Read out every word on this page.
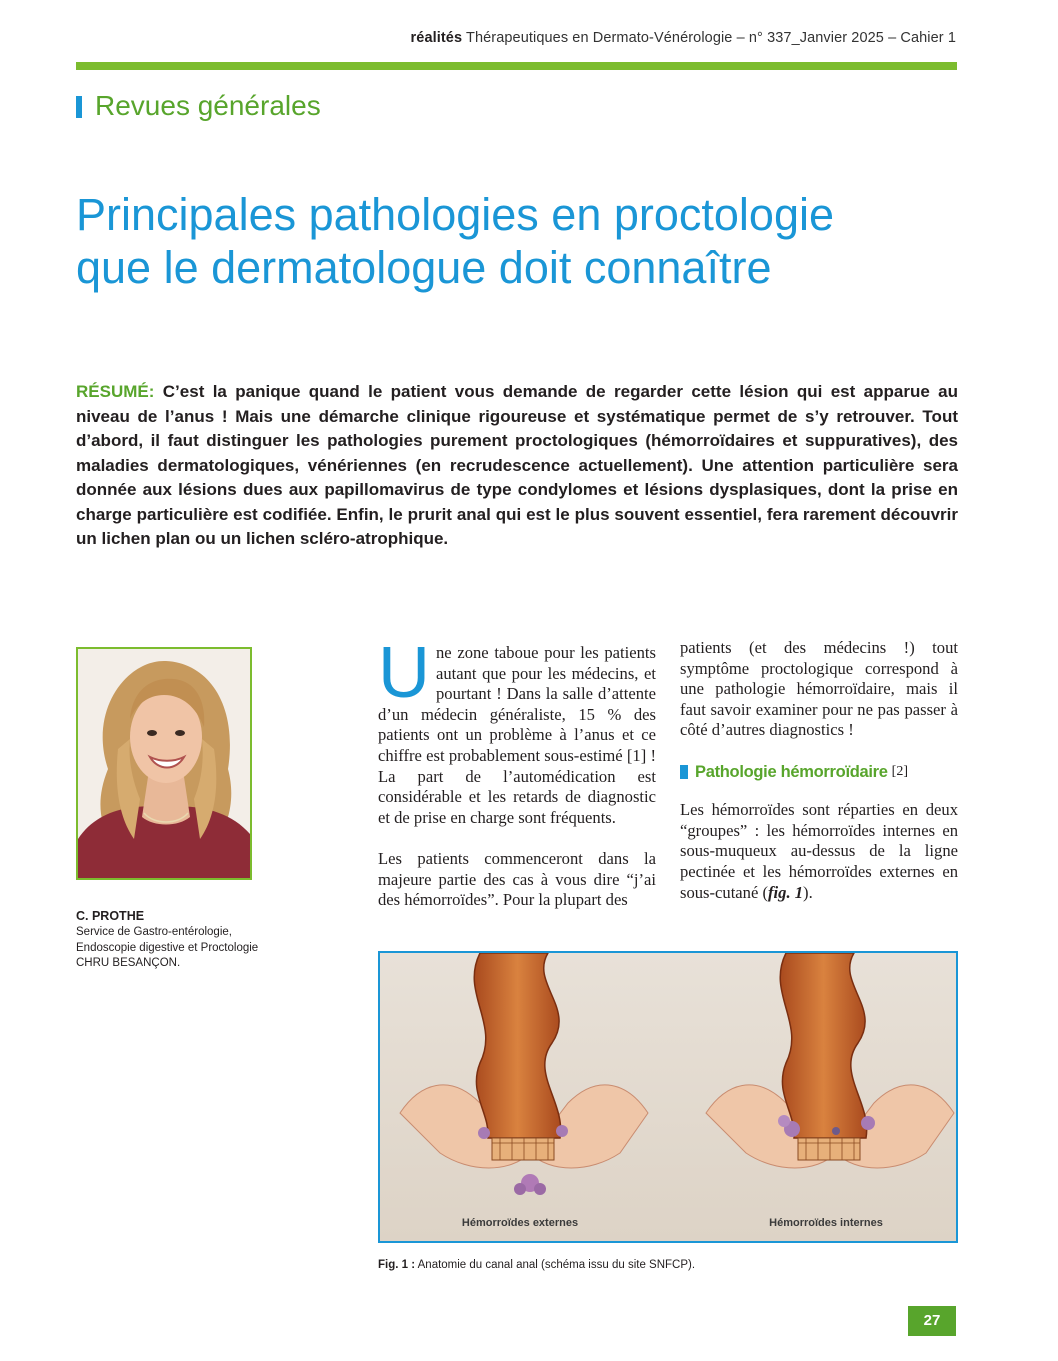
réalités Thérapeutiques en Dermato-Vénérologie – n° 337_Janvier 2025 – Cahier 1
Revues générales
Principales pathologies en proctologie
que le dermatologue doit connaître

RÉSUMÉ: C’est la panique quand le patient vous demande de regarder cette lésion qui est apparue au niveau de l’anus ! Mais une démarche clinique rigoureuse et systématique permet de s’y retrouver. Tout d’abord, il faut distinguer les pathologies purement proctologiques (hémorroïdaires et suppuratives), des maladies dermatologiques, vénériennes (en recrudescence actuellement). Une attention particulière sera donnée aux lésions dues aux papillomavirus de type condylomes et lésions dysplasiques, dont la prise en charge particulière est codifiée. Enfin, le prurit anal qui est le plus souvent essentiel, fera rarement découvrir un lichen plan ou un lichen scléro-atrophique.

C. PROTHE
Service de Gastro-entérologie,
Endoscopie digestive et Proctologie
CHRU BESANÇON.

Une zone taboue pour les patients autant que pour les médecins, et pourtant ! Dans la salle d’attente d’un médecin généraliste, 15 % des patients ont un problème à l’anus et ce chiffre est probablement sous-estimé [1] ! La part de l’automédication est considérable et les retards de diagnostic et de prise en charge sont fréquents.

Les patients commenceront dans la majeure partie des cas à vous dire “j’ai des hémorroïdes”. Pour la plupart des

patients (et des médecins !) tout symptôme proctologique correspond à une pathologie hémorroïdaire, mais il faut savoir examiner pour ne pas passer à côté d’autres diagnostics !

Pathologie hémorroïdaire [2]

Les hémorroïdes sont réparties en deux “groupes” : les hémorroïdes internes en sous-muqueux au-dessus de la ligne pectinée et les hémorroïdes externes en sous-cutané (fig. 1).

Hémorroïdes externes	Hémorroïdes internes
Fig. 1 : Anatomie du canal anal (schéma issu du site SNFCP).
27
